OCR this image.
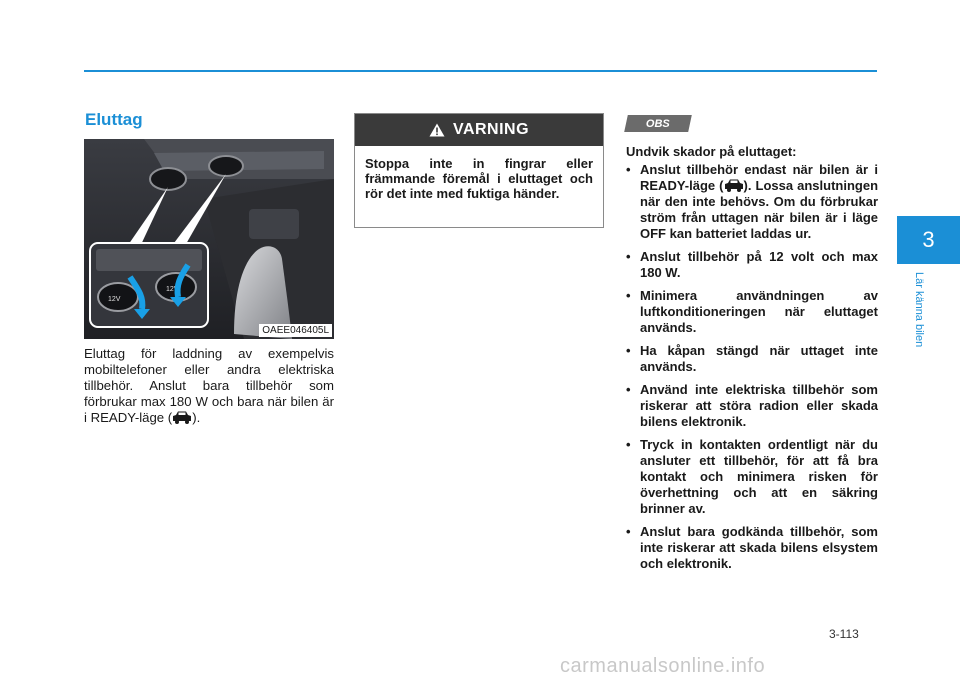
Eluttag
12V
12V
OAEE046405L
Eluttag för laddning av exempelvis mobiltelefoner eller andra elektriska tillbehör. Anslut bara tillbehör som förbrukar max 180 W och bara när bilen är i READY-läge ( ).
VARNING
Stoppa inte in fingrar eller främmande föremål i eluttaget och rör det inte med fuktiga händer.
OBS
Undvik skador på eluttaget:
• Anslut tillbehör endast när bilen är i READY-läge ( ). Lossa anslutningen när den inte behövs. Om du förbrukar ström från uttagen när bilen är i läge OFF kan batteriet laddas ur.
• Anslut tillbehör på 12 volt och max 180 W.
• Minimera användningen av luftkonditioneringen när eluttaget används.
• Ha kåpan stängd när uttaget inte används.
• Använd inte elektriska tillbehör som riskerar att störa radion eller skada bilens elektronik.
• Tryck in kontakten ordentligt när du ansluter ett tillbehör, för att få bra kontakt och minimera risken för överhettning och att en säkring brinner av.
• Anslut bara godkända tillbehör, som inte riskerar att skada bilens elsystem och elektronik.
3
Lär känna bilen
3-113
carmanualsonline.info
